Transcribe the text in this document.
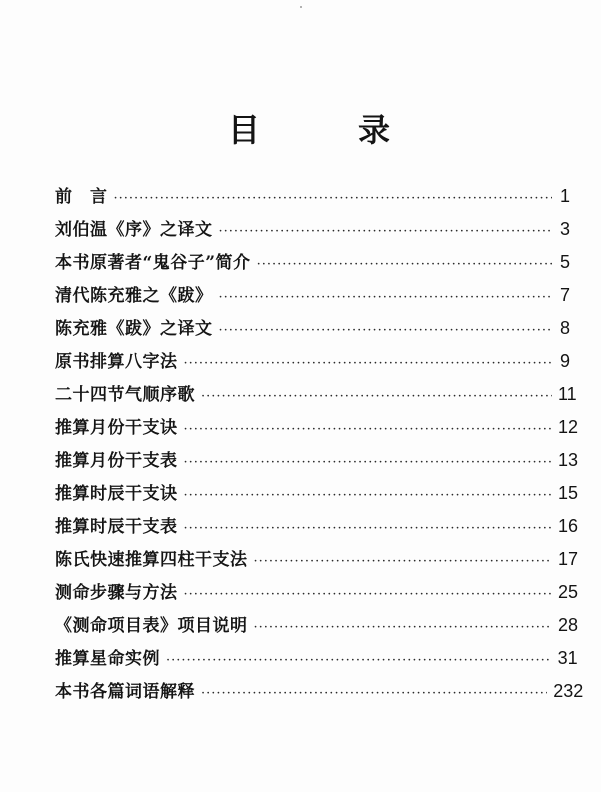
目	录
前　言 ·····	1
刘伯温《序》之译文 ·····	3
本书原著者“鬼谷子”简介 ·····	5
清代陈充雅之《跋》 ·····	7
陈充雅《跋》之译文 ·····	8
原书排算八字法 ·····	9
二十四节气顺序歌 ·····	11
推算月份干支诀 ·····	12
推算月份干支表 ·····	13
推算时辰干支诀 ·····	15
推算时辰干支表 ·····	16
陈氏快速推算四柱干支法 ·····	17
测命步骤与方法 ·····	25
《测命项目表》项目说明 ·····	28
推算星命实例 ·····	31
本书各篇词语解释 ·····	232
